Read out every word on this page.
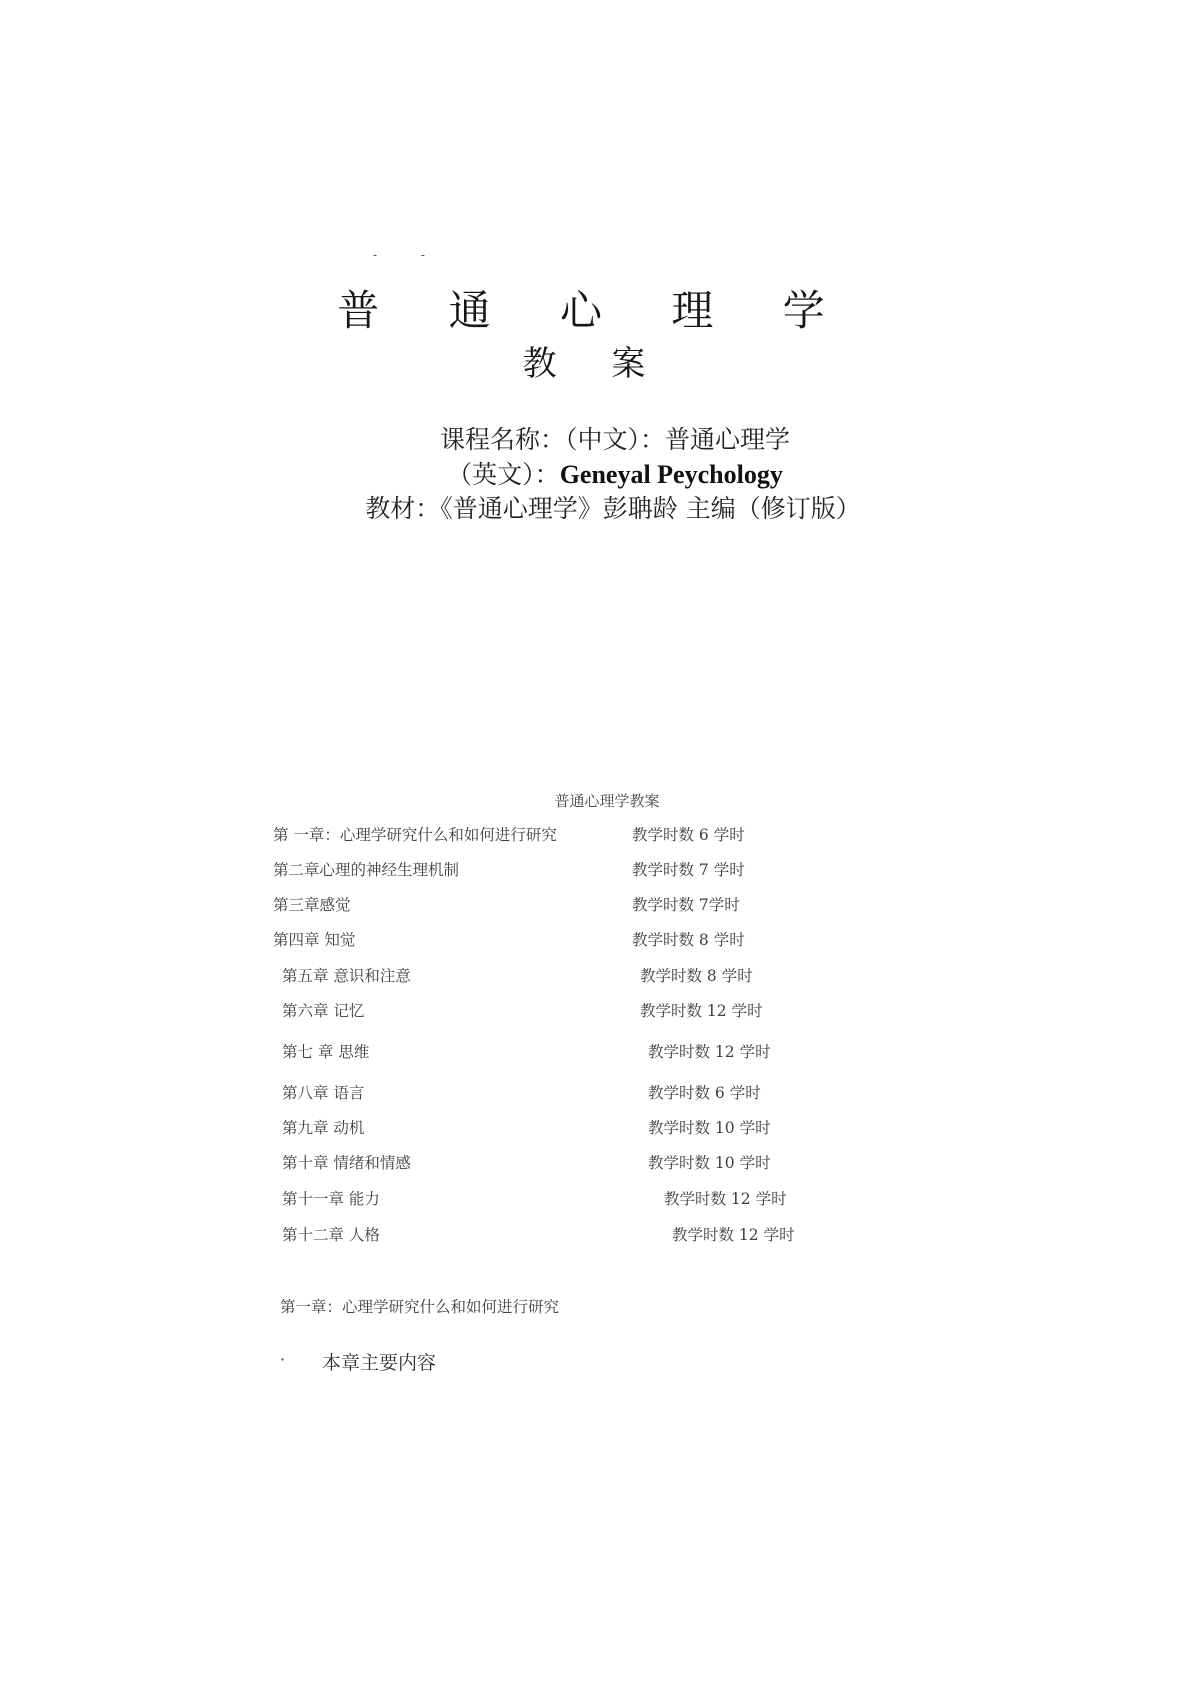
- -
普 通 心 理 学
教 案
课程名称：（中文）：普通心理学
（英文）：Geneyal Peychology
教材：《普通心理学》彭聃龄 主编（修订版）
普通心理学教案
第 一章：心理学研究什么和如何进行研究	教学时数 6 学时
第二章心理的神经生理机制	教学时数 7 学时
第三章感觉	教学时数 7学时
第四章 知觉	教学时数 8 学时
第五章 意识和注意	教学时数 8 学时
第六章 记忆	教学时数 12 学时
第七 章 思维	教学时数 12 学时
第八章 语言	教学时数 6 学时
第九章 动机	教学时数 10 学时
第十章 情绪和情感	教学时数 10 学时
第十一章 能力	教学时数 12 学时
第十二章 人格	教学时数 12 学时
第一章：心理学研究什么和如何进行研究
· 本章主要内容
